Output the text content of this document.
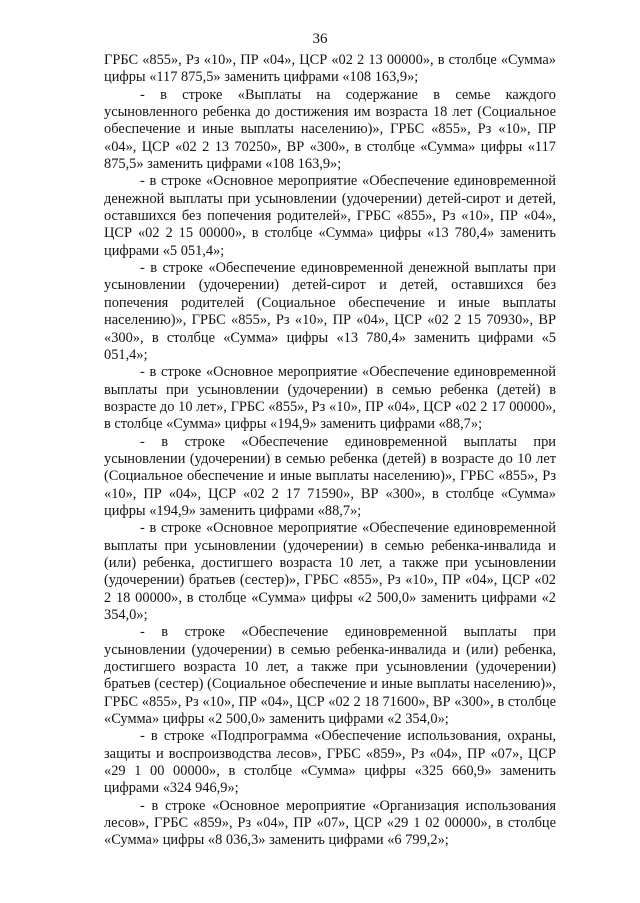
36

ГРБС «855», Рз «10», ПР «04», ЦСР «02 2 13 00000», в столбце «Сумма» цифры «117 875,5» заменить цифрами «108 163,9»;

- в строке «Выплаты на содержание в семье каждого усыновленного ребенка до достижения им возраста 18 лет (Социальное обеспечение и иные выплаты населению)», ГРБС «855», Рз «10», ПР «04», ЦСР «02 2 13 70250», ВР «300», в столбце «Сумма» цифры «117 875,5» заменить цифрами «108 163,9»;

- в строке «Основное мероприятие «Обеспечение единовременной денежной выплаты при усыновлении (удочерении) детей-сирот и детей, оставшихся без попечения родителей», ГРБС «855», Рз «10», ПР «04», ЦСР «02 2 15 00000», в столбце «Сумма» цифры «13 780,4» заменить цифрами «5 051,4»;

- в строке «Обеспечение единовременной денежной выплаты при усыновлении (удочерении) детей-сирот и детей, оставшихся без попечения родителей (Социальное обеспечение и иные выплаты населению)», ГРБС «855», Рз «10», ПР «04», ЦСР «02 2 15 70930», ВР «300», в столбце «Сумма» цифры «13 780,4» заменить цифрами «5 051,4»;

- в строке «Основное мероприятие «Обеспечение единовременной выплаты при усыновлении (удочерении) в семью ребенка (детей) в возрасте до 10 лет», ГРБС «855», Рз «10», ПР «04», ЦСР «02 2 17 00000», в столбце «Сумма» цифры «194,9» заменить цифрами «88,7»;

- в строке «Обеспечение единовременной выплаты при усыновлении (удочерении) в семью ребенка (детей) в возрасте до 10 лет (Социальное обеспечение и иные выплаты населению)», ГРБС «855», Рз «10», ПР «04», ЦСР «02 2 17 71590», ВР «300», в столбце «Сумма» цифры «194,9» заменить цифрами «88,7»;

- в строке «Основное мероприятие «Обеспечение единовременной выплаты при усыновлении (удочерении) в семью ребенка-инвалида и (или) ребенка, достигшего возраста 10 лет, а также при усыновлении (удочерении) братьев (сестер)», ГРБС «855», Рз «10», ПР «04», ЦСР «02 2 18 00000», в столбце «Сумма» цифры «2 500,0» заменить цифрами «2 354,0»;

- в строке «Обеспечение единовременной выплаты при усыновлении (удочерении) в семью ребенка-инвалида и (или) ребенка, достигшего возраста 10 лет, а также при усыновлении (удочерении) братьев (сестер) (Социальное обеспечение и иные выплаты населению)», ГРБС «855», Рз «10», ПР «04», ЦСР «02 2 18 71600», ВР «300», в столбце «Сумма» цифры «2 500,0» заменить цифрами «2 354,0»;

- в строке «Подпрограмма «Обеспечение использования, охраны, защиты и воспроизводства лесов», ГРБС «859», Рз «04», ПР «07», ЦСР «29 1 00 00000», в столбце «Сумма» цифры «325 660,9» заменить цифрами «324 946,9»;

- в строке «Основное мероприятие «Организация использования лесов», ГРБС «859», Рз «04», ПР «07», ЦСР «29 1 02 00000», в столбце «Сумма» цифры «8 036,3» заменить цифрами «6 799,2»;
